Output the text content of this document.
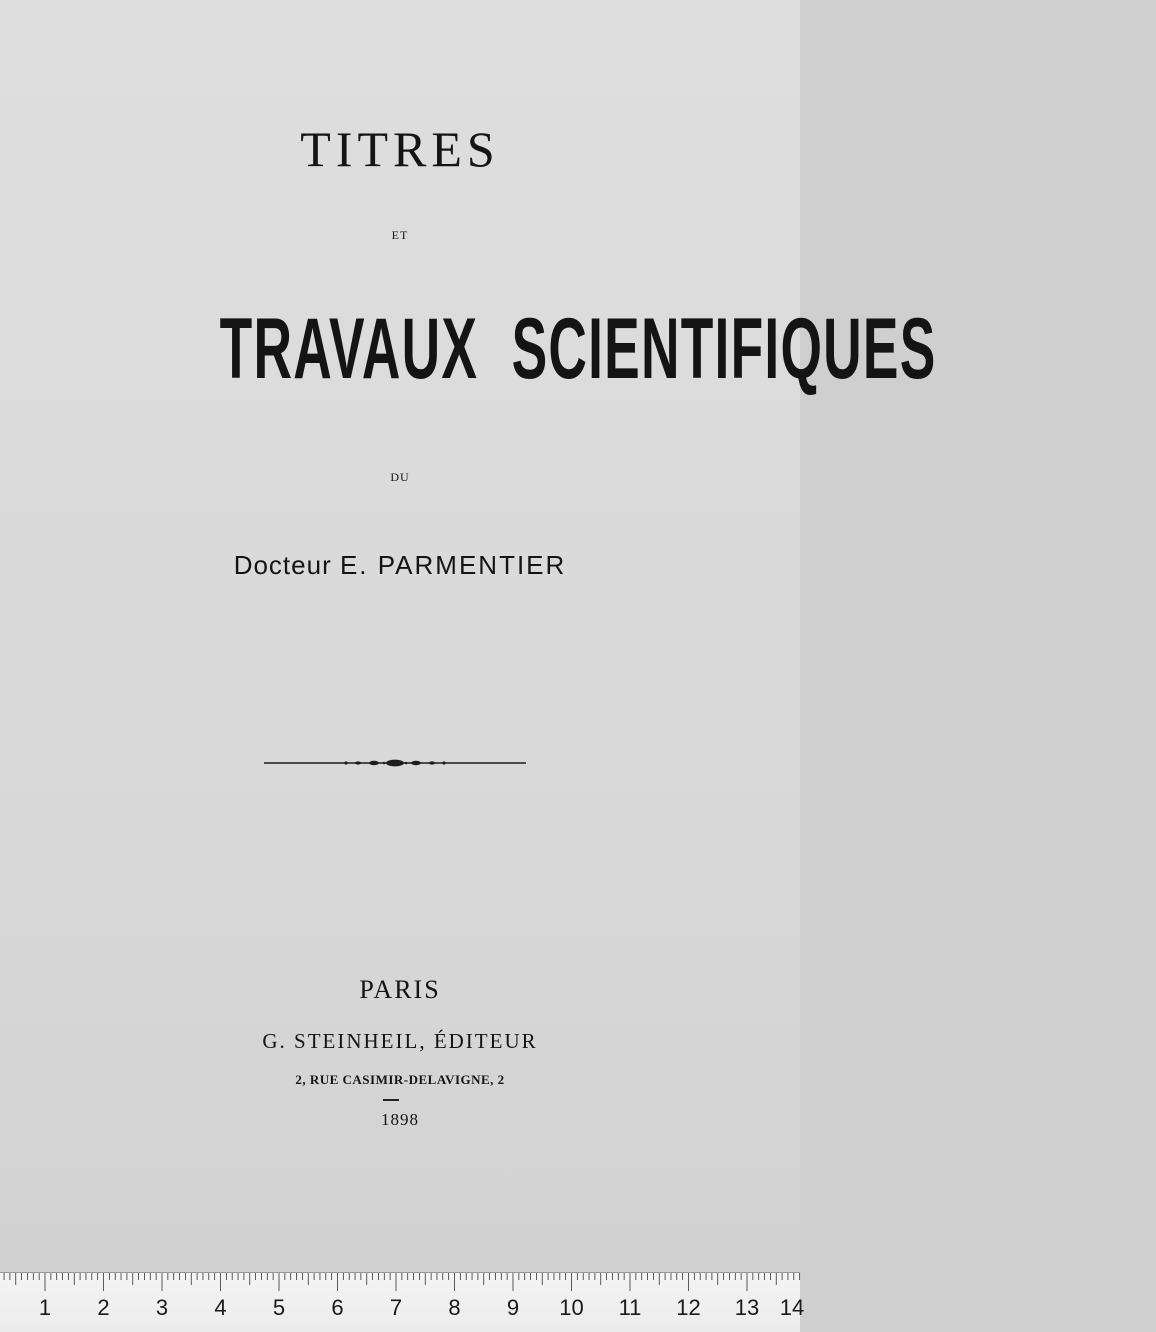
TITRES
ET
TRAVAUX SCIENTIFIQUES
DU
Docteur E. PARMENTIER
PARIS
G. STEINHEIL, ÉDITEUR
2, RUE CASIMIR-DELAVIGNE, 2
1898
1 2 3 4 5 6 7 8 9 10 11 12 13 14
